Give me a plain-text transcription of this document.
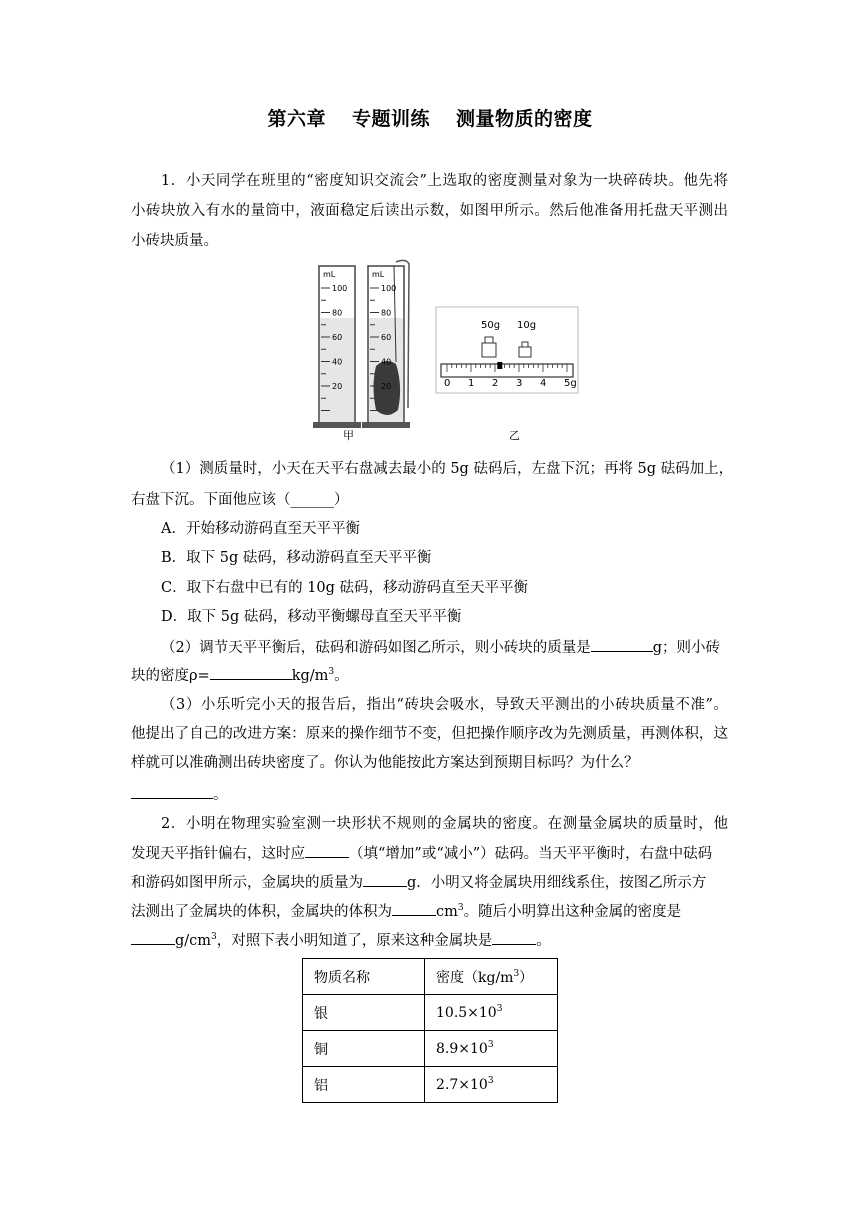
第六章 专题训练 测量物质的密度
1．小天同学在班里的“密度知识交流会”上选取的密度测量对象为一块碎砖块。他先将
小砖块放入有水的量筒中，液面稳定后读出示数，如图甲所示。然后他准备用托盘天平测出
小砖块质量。
mL
100
80
60
40
20
mL
100
80
60
40
20
甲
50g 10g
0 1 2 3 4 5g
乙
（1）测质量时，小天在天平右盘减去最小的 5g 砝码后，左盘下沉；再将 5g 砝码加上，
右盘下沉。下面他应该（______）
A．开始移动游码直至天平平衡
B．取下 5g 砝码，移动游码直至天平平衡
C．取下右盘中已有的 10g 砝码，移动游码直至天平平衡
D．取下 5g 砝码，移动平衡螺母直至天平平衡
（2）调节天平平衡后，砝码和游码如图乙所示，则小砖块的质量是	g；则小砖
块的密度ρ=	$kg/m^3$。
（3）小乐听完小天的报告后，指出“砖块会吸水，导致天平测出的小砖块质量不准”。
他提出了自己的改进方案：原来的操作细节不变，但把操作顺序改为先测质量，再测体积，这
样就可以准确测出砖块密度了。你认为他能按此方案达到预期目标吗？为什么？
。
2．小明在物理实验室测一块形状不规则的金属块的密度。在测量金属块的质量时，他
发现天平指针偏右，这时应	（填“增加”或“减小”）砝码。当天平平衡时，右盘中砝码
和游码如图甲所示，金属块的质量为	g．小明又将金属块用细线系住，按图乙所示方
法测出了金属块的体积，金属块的体积为	$cm^3$。随后小明算出这种金属的密度是
$g/cm^3$，对照下表小明知道了，原来这种金属块是	。
物质名称	密度$(kg/m^3)$
银	$10.5\times 10^3$
铜	$8.9\times 10^3$
铝	$2.7\times 10^3$
